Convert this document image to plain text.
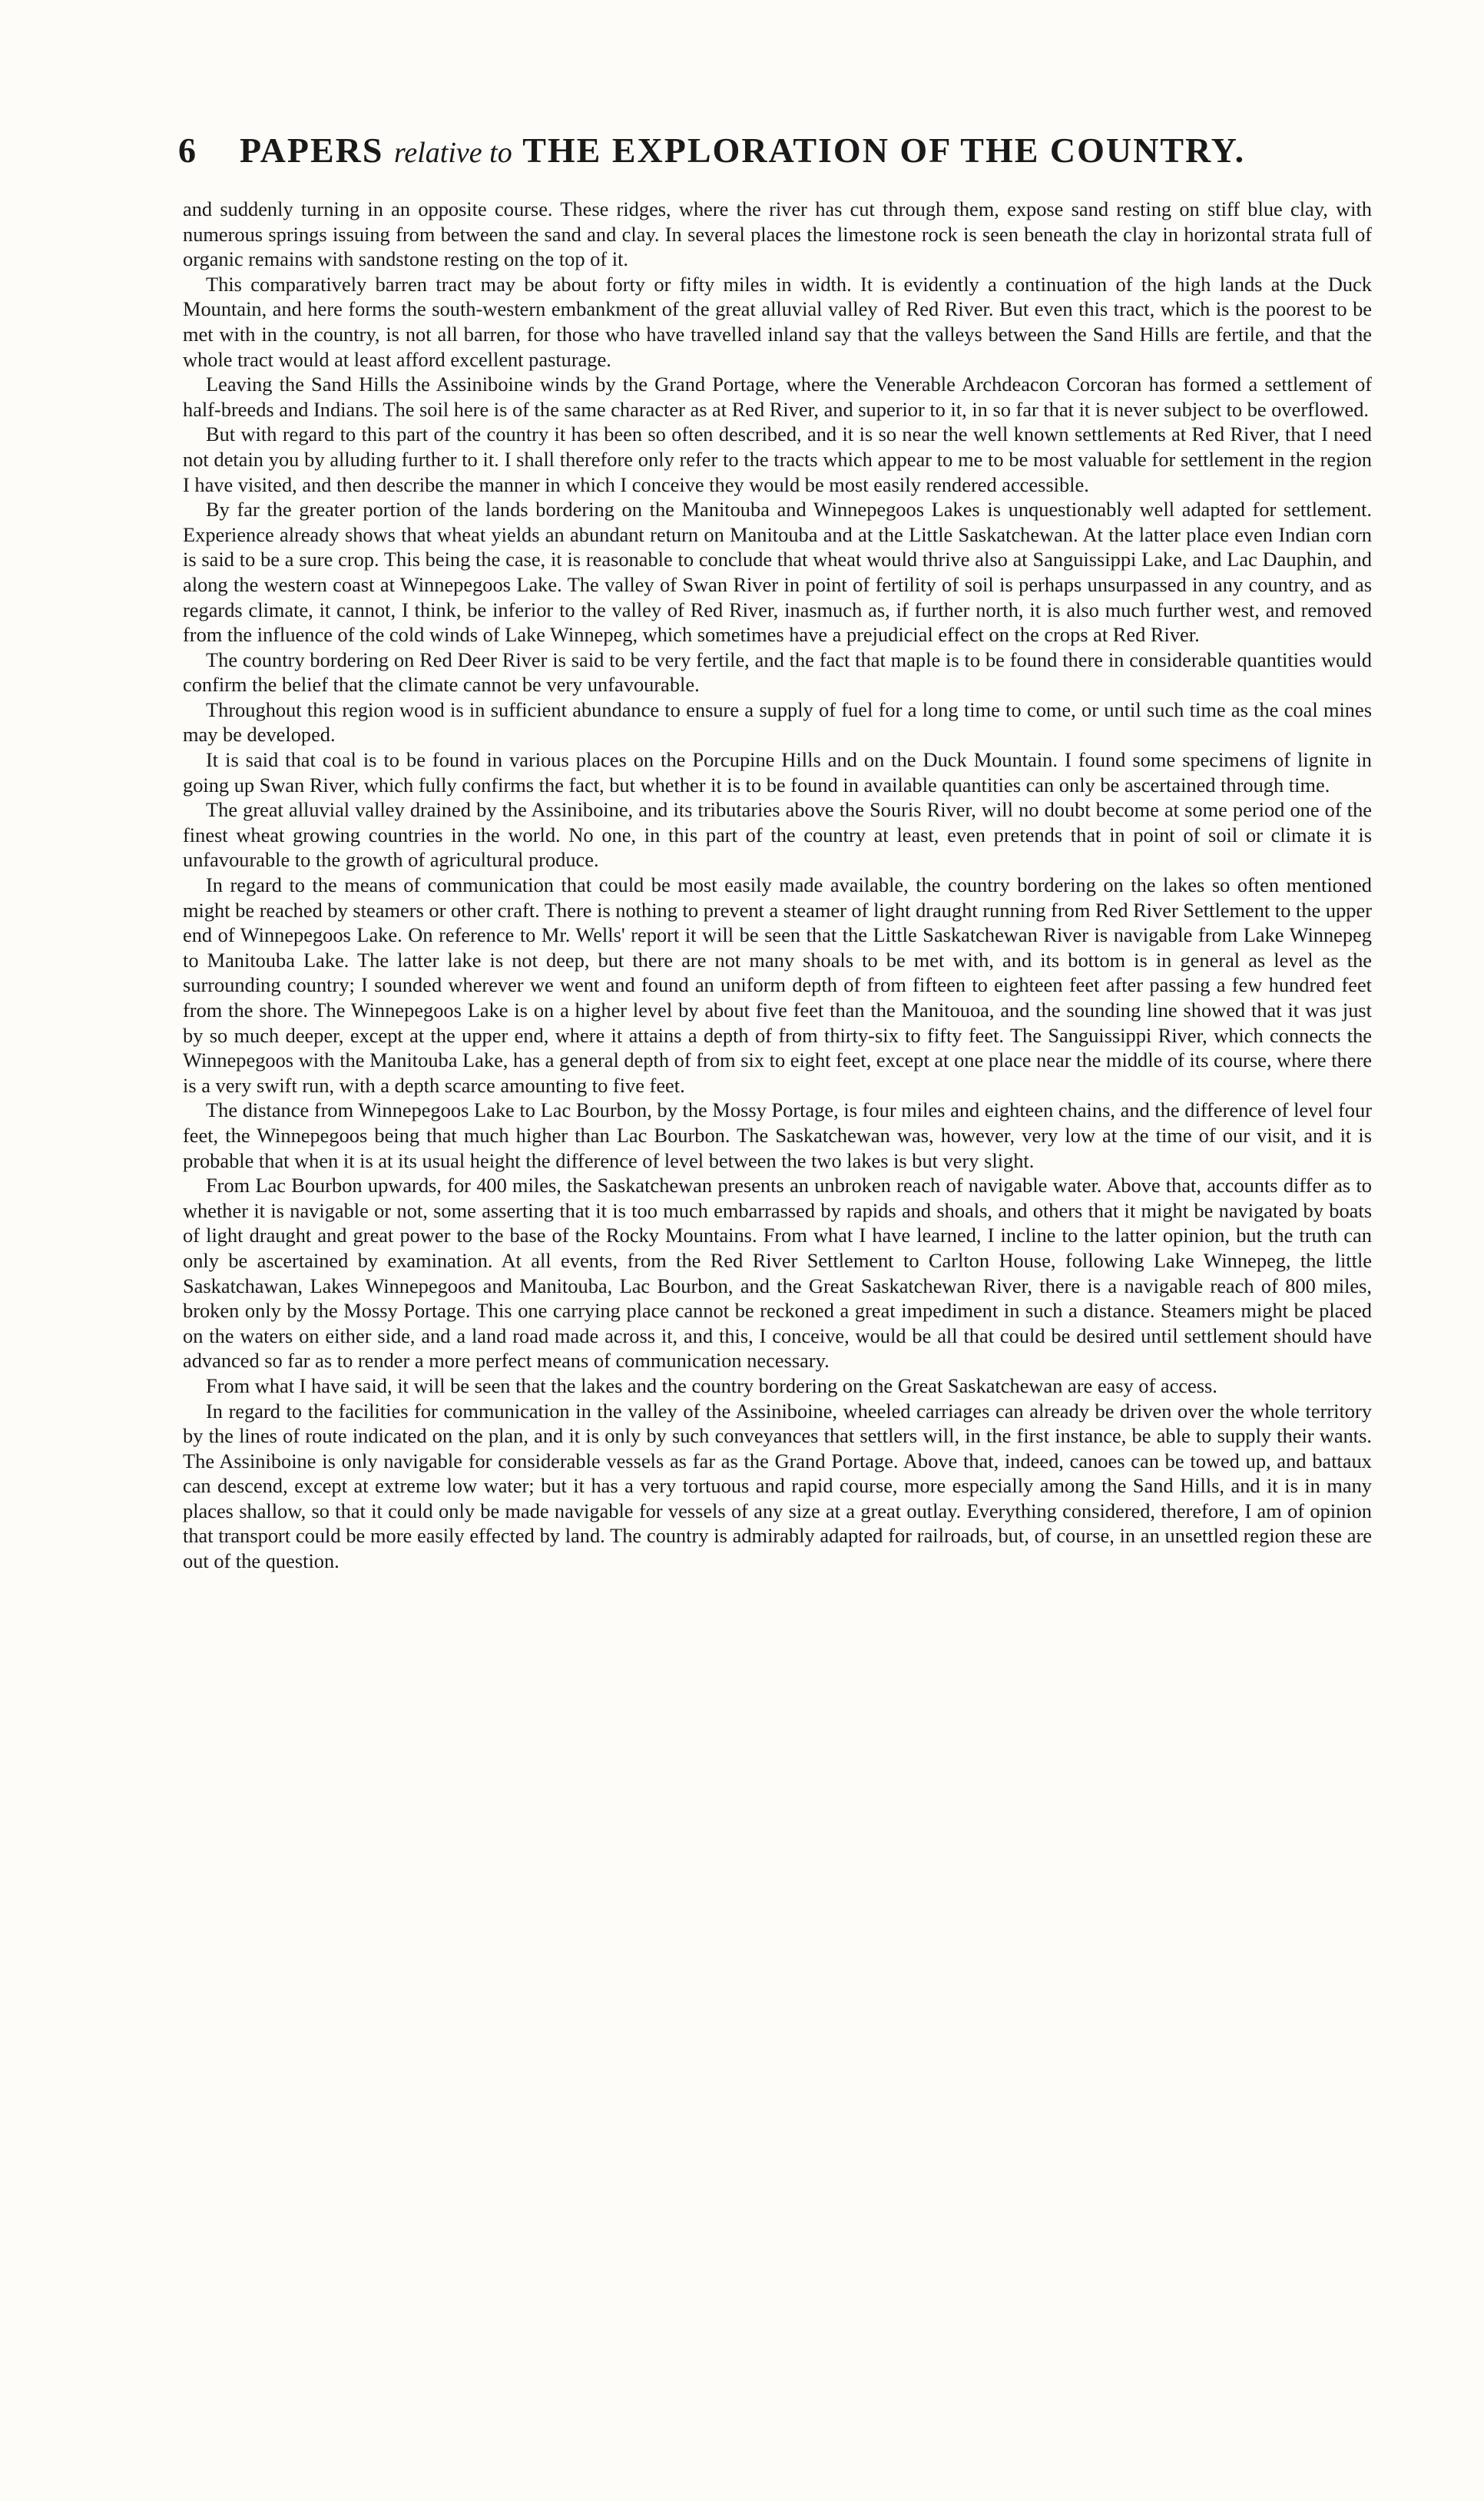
6 PAPERS relative to THE EXPLORATION OF THE COUNTRY.

and suddenly turning in an opposite course. These ridges, where the river has cut through them, expose sand resting on stiff blue clay, with numerous springs issuing from between the sand and clay. In several places the limestone rock is seen beneath the clay in horizontal strata full of organic remains with sandstone resting on the top of it.

This comparatively barren tract may be about forty or fifty miles in width. It is evidently a continuation of the high lands at the Duck Mountain, and here forms the south-western embankment of the great alluvial valley of Red River. But even this tract, which is the poorest to be met with in the country, is not all barren, for those who have travelled inland say that the valleys between the Sand Hills are fertile, and that the whole tract would at least afford excellent pasturage.

Leaving the Sand Hills the Assiniboine winds by the Grand Portage, where the Venerable Archdeacon Corcoran has formed a settlement of half-breeds and Indians. The soil here is of the same character as at Red River, and superior to it, in so far that it is never subject to be overflowed.

But with regard to this part of the country it has been so often described, and it is so near the well known settlements at Red River, that I need not detain you by alluding further to it. I shall therefore only refer to the tracts which appear to me to be most valuable for settlement in the region I have visited, and then describe the manner in which I conceive they would be most easily rendered accessible.

By far the greater portion of the lands bordering on the Manitouba and Winnepegoos Lakes is unquestionably well adapted for settlement. Experience already shows that wheat yields an abundant return on Manitouba and at the Little Saskatchewan. At the latter place even Indian corn is said to be a sure crop. This being the case, it is reasonable to conclude that wheat would thrive also at Sanguissippi Lake, and Lac Dauphin, and along the western coast at Winnepegoos Lake. The valley of Swan River in point of fertility of soil is perhaps unsurpassed in any country, and as regards climate, it cannot, I think, be inferior to the valley of Red River, inasmuch as, if further north, it is also much further west, and removed from the influence of the cold winds of Lake Winnepeg, which sometimes have a prejudicial effect on the crops at Red River.

The country bordering on Red Deer River is said to be very fertile, and the fact that maple is to be found there in considerable quantities would confirm the belief that the climate cannot be very unfavourable.

Throughout this region wood is in sufficient abundance to ensure a supply of fuel for a long time to come, or until such time as the coal mines may be developed.

It is said that coal is to be found in various places on the Porcupine Hills and on the Duck Mountain. I found some specimens of lignite in going up Swan River, which fully confirms the fact, but whether it is to be found in available quantities can only be ascertained through time.

The great alluvial valley drained by the Assiniboine, and its tributaries above the Souris River, will no doubt become at some period one of the finest wheat growing countries in the world. No one, in this part of the country at least, even pretends that in point of soil or climate it is unfavourable to the growth of agricultural produce.

In regard to the means of communication that could be most easily made available, the country bordering on the lakes so often mentioned might be reached by steamers or other craft. There is nothing to prevent a steamer of light draught running from Red River Settlement to the upper end of Winnepegoos Lake. On reference to Mr. Wells' report it will be seen that the Little Saskatchewan River is navigable from Lake Winnepeg to Manitouba Lake. The latter lake is not deep, but there are not many shoals to be met with, and its bottom is in general as level as the surrounding country; I sounded wherever we went and found an uniform depth of from fifteen to eighteen feet after passing a few hundred feet from the shore. The Winnepegoos Lake is on a higher level by about five feet than the Manitouoa, and the sounding line showed that it was just by so much deeper, except at the upper end, where it attains a depth of from thirty-six to fifty feet. The Sanguissippi River, which connects the Winnepegoos with the Manitouba Lake, has a general depth of from six to eight feet, except at one place near the middle of its course, where there is a very swift run, with a depth scarce amounting to five feet.

The distance from Winnepegoos Lake to Lac Bourbon, by the Mossy Portage, is four miles and eighteen chains, and the difference of level four feet, the Winnepegoos being that much higher than Lac Bourbon. The Saskatchewan was, however, very low at the time of our visit, and it is probable that when it is at its usual height the difference of level between the two lakes is but very slight.

From Lac Bourbon upwards, for 400 miles, the Saskatchewan presents an unbroken reach of navigable water. Above that, accounts differ as to whether it is navigable or not, some asserting that it is too much embarrassed by rapids and shoals, and others that it might be navigated by boats of light draught and great power to the base of the Rocky Mountains. From what I have learned, I incline to the latter opinion, but the truth can only be ascertained by examination. At all events, from the Red River Settlement to Carlton House, following Lake Winnepeg, the little Saskatchawan, Lakes Winnepegoos and Manitouba, Lac Bourbon, and the Great Saskatchewan River, there is a navigable reach of 800 miles, broken only by the Mossy Portage. This one carrying place cannot be reckoned a great impediment in such a distance. Steamers might be placed on the waters on either side, and a land road made across it, and this, I conceive, would be all that could be desired until settlement should have advanced so far as to render a more perfect means of communication necessary.

From what I have said, it will be seen that the lakes and the country bordering on the Great Saskatchewan are easy of access.

In regard to the facilities for communication in the valley of the Assiniboine, wheeled carriages can already be driven over the whole territory by the lines of route indicated on the plan, and it is only by such conveyances that settlers will, in the first instance, be able to supply their wants. The Assiniboine is only navigable for considerable vessels as far as the Grand Portage. Above that, indeed, canoes can be towed up, and battaux can descend, except at extreme low water; but it has a very tortuous and rapid course, more especially among the Sand Hills, and it is in many places shallow, so that it could only be made navigable for vessels of any size at a great outlay. Everything considered, therefore, I am of opinion that transport could be more easily effected by land. The country is admirably adapted for railroads, but, of course, in an unsettled region these are out of the question.
